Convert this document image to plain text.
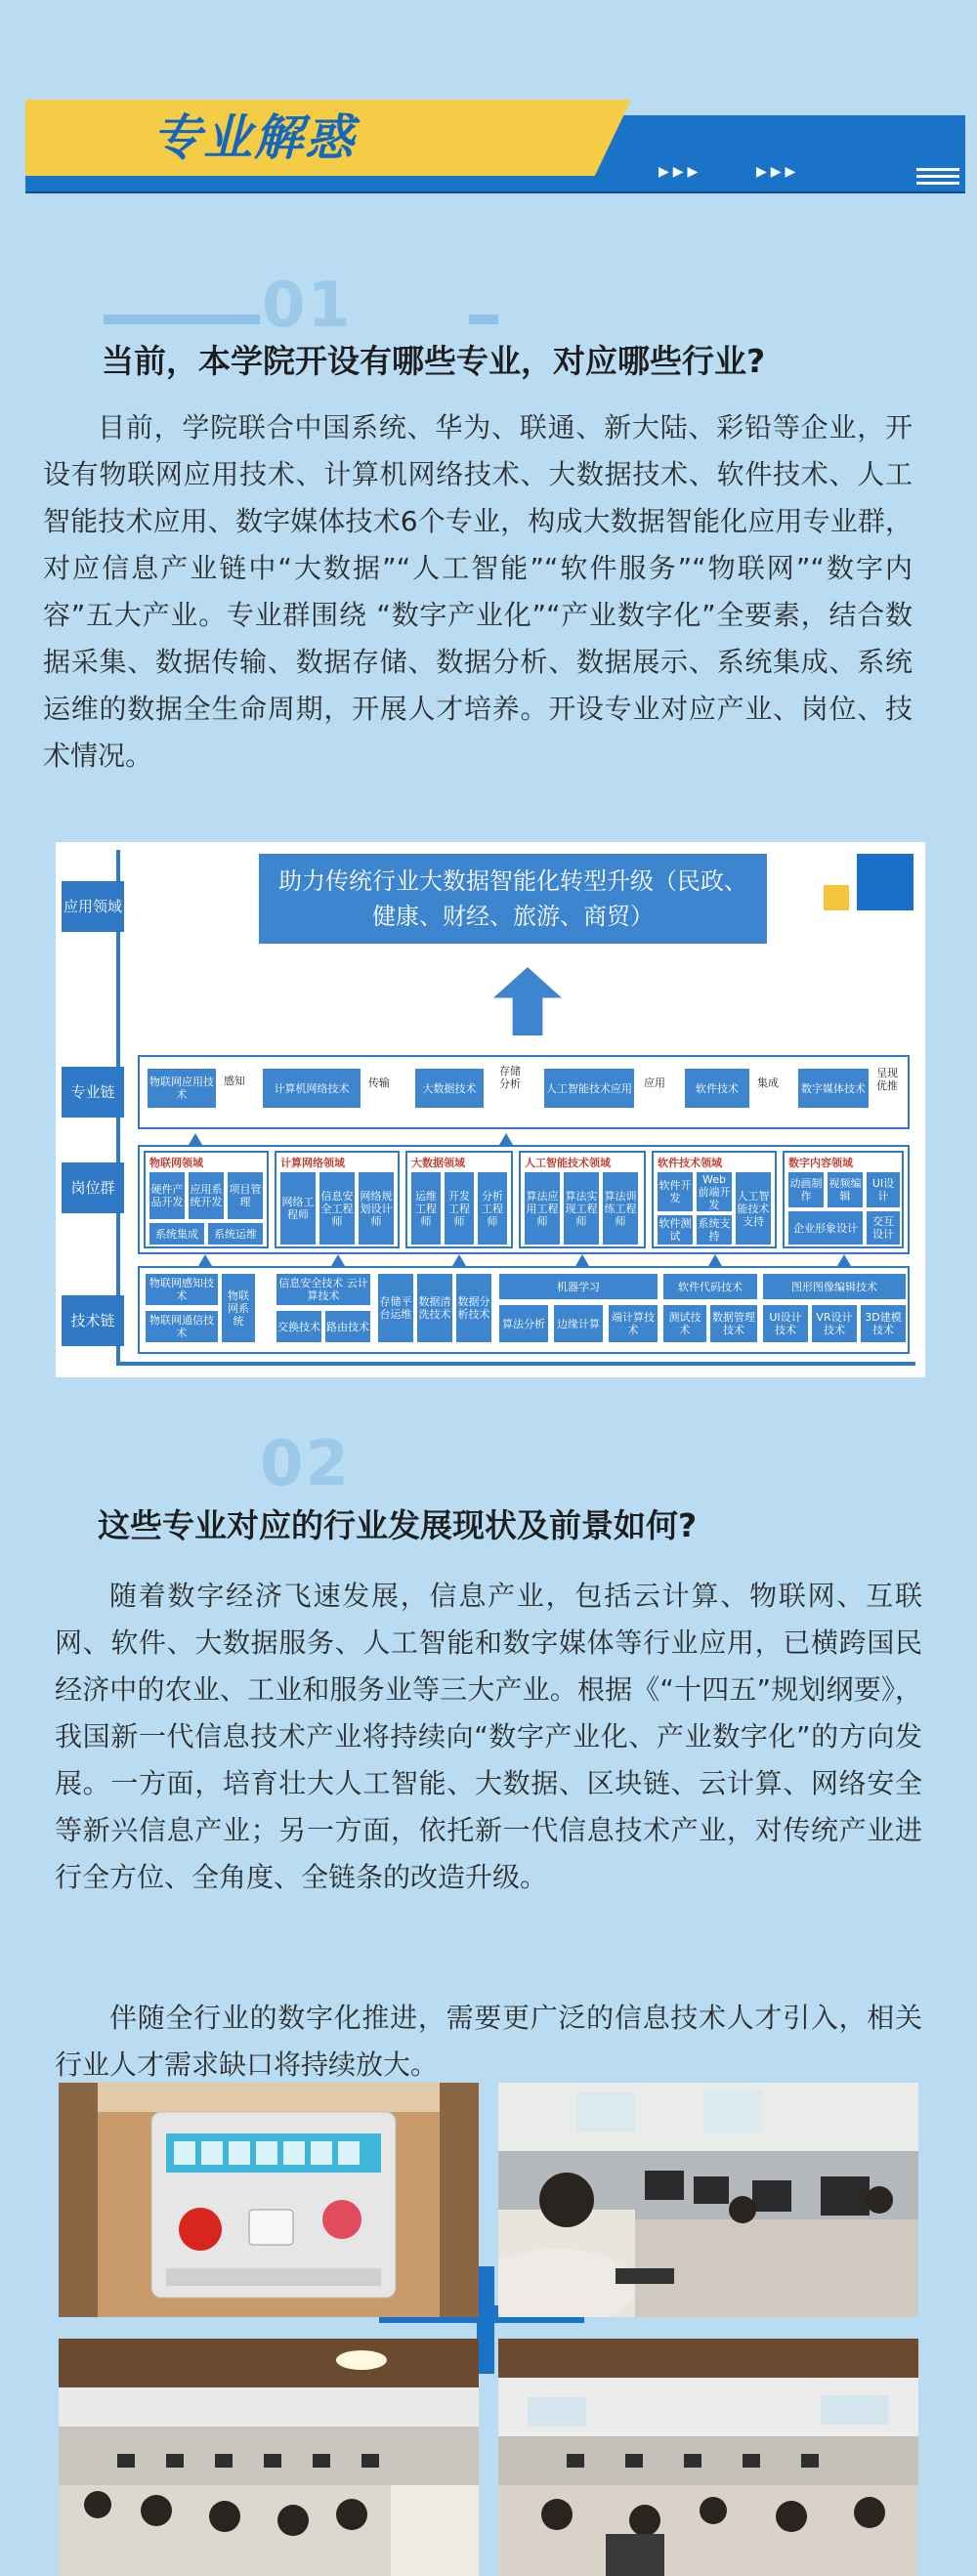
专业解惑
▶▶▶	▶▶▶
01
当前，本学院开设有哪些专业，对应哪些行业?

目前，学院联合中国系统、华为、联通、新大陆、彩铅等企业，开设有物联网应用技术、计算机网络技术、大数据技术、软件技术、人工智能技术应用、数字媒体技术6个专业，构成大数据智能化应用专业群，对应信息产业链中“大数据”“人工智能”“软件服务”“物联网”“数字内容”五大产业。专业群围绕 “数字产业化”“产业数字化”全要素，结合数据采集、数据传输、数据存储、数据分析、数据展示、系统集成、系统运维的数据全生命周期，开展人才培养。开设专业对应产业、岗位、技术情况。

应用领域
专业链
岗位群
技术链
助力传统行业大数据智能化转型升级（民政、健康、财经、旅游、商贸）
物联网应用技术	计算机网络技术	大数据技术	人工智能技术应用	软件技术	数字媒体技术
感知	传输
存储分析	应用	集成
呈现优推
物联网领域
硬件产品开发
应用系统开发
项目管理
系统集成	系统运维
计算网络领域
网络工程师
信息安全工程师
网络规划设计师
大数据领域
运维工程师
开发工程师
分析工程师
人工智能技术领域
算法应用工程师
算法实现工程师
算法训练工程师
软件技术领域
软件开发
Web前端开发
人工智能技术支持
软件测试
系统支持
数字内容领域
动画制作
视频编辑
UI设计
企业形象设计	交互设计
物联网感知技术
物联网通信技术
物联网系统
信息安全技术 云计算技术
交换技术 路由技术
存储平台运维
数据清洗技术
数据分析技术
机器学习
算法分析 边缘计算 端计算技术
软件代码技术
测试技术
数据管理技术
图形图像编辑技术
UI设计技术
VR设计技术
3D建模技术
02
这些专业对应的行业发展现状及前景如何?

随着数字经济飞速发展，信息产业，包括云计算、物联网、互联网、软件、大数据服务、人工智能和数字媒体等行业应用，已横跨国民经济中的农业、工业和服务业等三大产业。根据《“十四五”规划纲要》，我国新一代信息技术产业将持续向“数字产业化、产业数字化”的方向发展。一方面，培育壮大人工智能、大数据、区块链、云计算、网络安全等新兴信息产业；另一方面，依托新一代信息技术产业，对传统产业进行全方位、全角度、全链条的改造升级。

伴随全行业的数字化推进，需要更广泛的信息技术人才引入，相关行业人才需求缺口将持续放大。
